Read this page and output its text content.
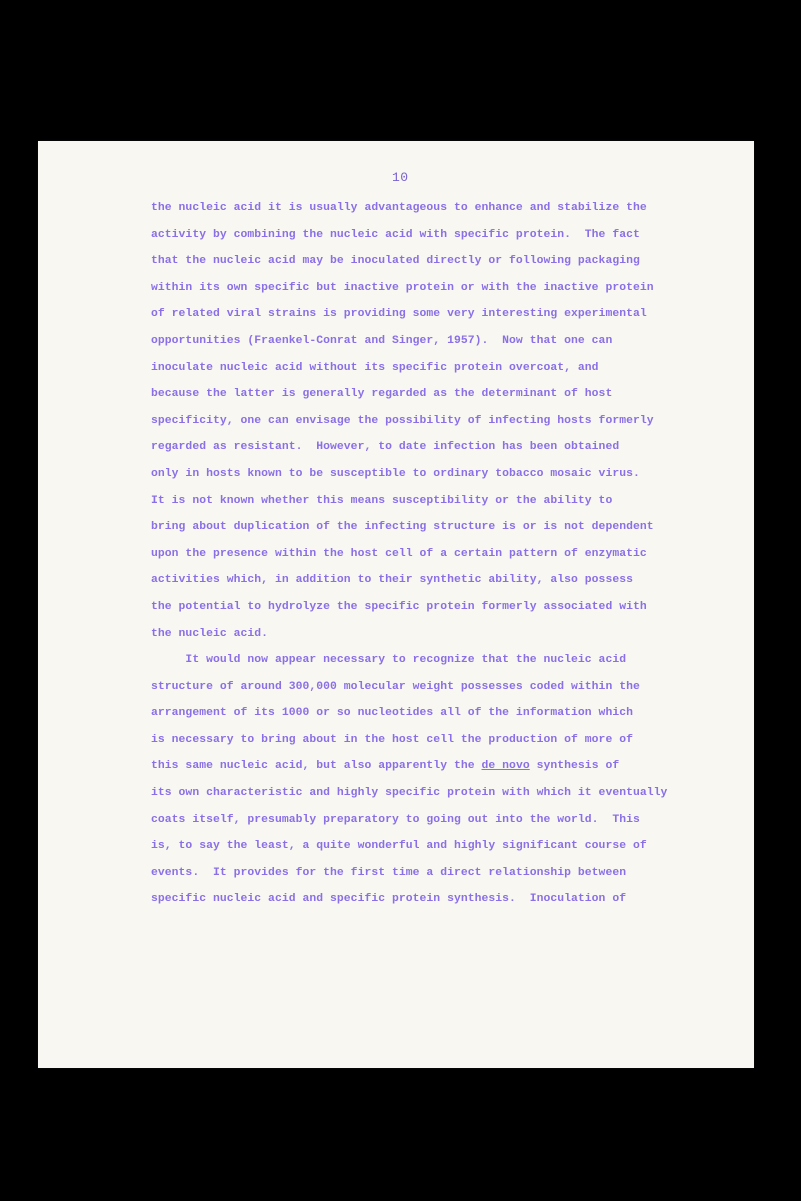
10
the nucleic acid it is usually advantageous to enhance and stabilize the
activity by combining the nucleic acid with specific protein.  The fact
that the nucleic acid may be inoculated directly or following packaging
within its own specific but inactive protein or with the inactive protein
of related viral strains is providing some very interesting experimental
opportunities (Fraenkel-Conrat and Singer, 1957).  Now that one can
inoculate nucleic acid without its specific protein overcoat, and
because the latter is generally regarded as the determinant of host
specificity, one can envisage the possibility of infecting hosts formerly
regarded as resistant.  However, to date infection has been obtained
only in hosts known to be susceptible to ordinary tobacco mosaic virus.
It is not known whether this means susceptibility or the ability to
bring about duplication of the infecting structure is or is not dependent
upon the presence within the host cell of a certain pattern of enzymatic
activities which, in addition to their synthetic ability, also possess
the potential to hydrolyze the specific protein formerly associated with
the nucleic acid.
It would now appear necessary to recognize that the nucleic acid
structure of around 300,000 molecular weight possesses coded within the
arrangement of its 1000 or so nucleotides all of the information which
is necessary to bring about in the host cell the production of more of
this same nucleic acid, but also apparently the de novo synthesis of
its own characteristic and highly specific protein with which it eventually
coats itself, presumably preparatory to going out into the world.  This
is, to say the least, a quite wonderful and highly significant course of
events.  It provides for the first time a direct relationship between
specific nucleic acid and specific protein synthesis.  Inoculation of
